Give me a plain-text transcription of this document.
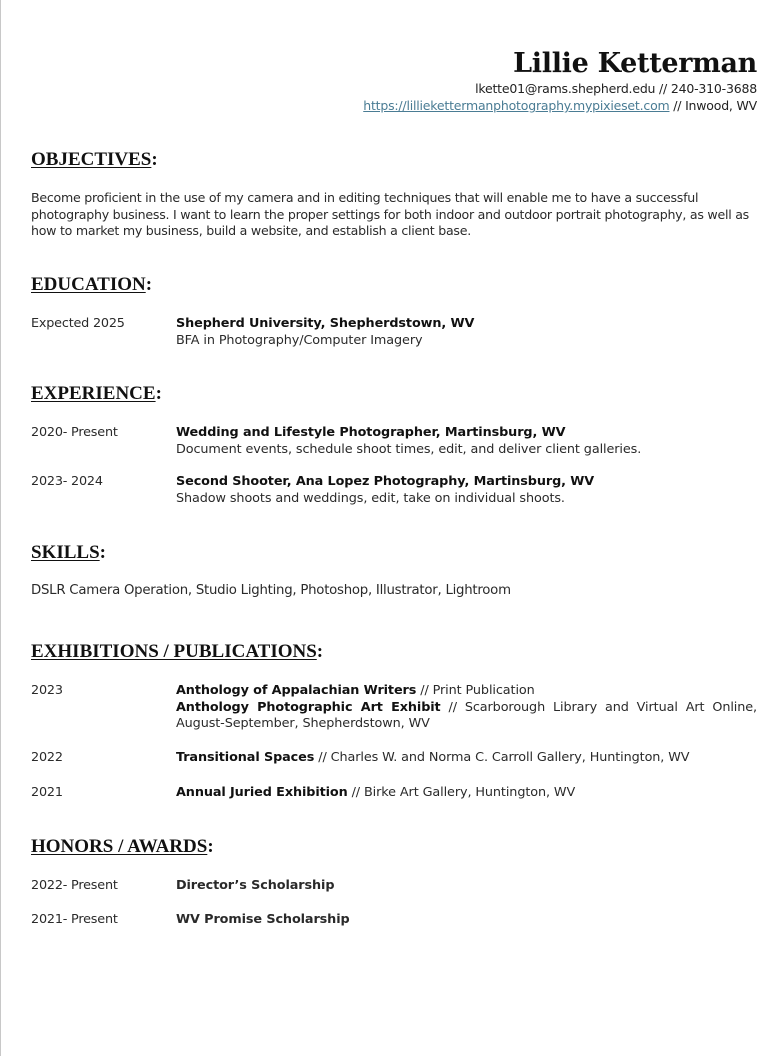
Lillie Ketterman
lkette01@rams.shepherd.edu // 240-310-3688
https://lilliekettermanphotography.mypixieset.com // Inwood, WV
OBJECTIVES:
Become proficient in the use of my camera and in editing techniques that will enable me to have a successful photography business. I want to learn the proper settings for both indoor and outdoor portrait photography, as well as how to market my business, build a website, and establish a client base.
EDUCATION:
Expected 2025	Shepherd University, Shepherdstown, WV
BFA in Photography/Computer Imagery
EXPERIENCE:
2020- Present	Wedding and Lifestyle Photographer, Martinsburg, WV
Document events, schedule shoot times, edit, and deliver client galleries.
2023- 2024	Second Shooter, Ana Lopez Photography, Martinsburg, WV
Shadow shoots and weddings, edit, take on individual shoots.
SKILLS:
DSLR Camera Operation, Studio Lighting, Photoshop, Illustrator, Lightroom
EXHIBITIONS / PUBLICATIONS:
2023	Anthology of Appalachian Writers // Print Publication
Anthology Photographic Art Exhibit // Scarborough Library and Virtual Art Online, August-September, Shepherdstown, WV
2022	Transitional Spaces // Charles W. and Norma C. Carroll Gallery, Huntington, WV
2021	Annual Juried Exhibition // Birke Art Gallery, Huntington, WV
HONORS / AWARDS:
2022- Present	Director’s Scholarship
2021- Present	WV Promise Scholarship
